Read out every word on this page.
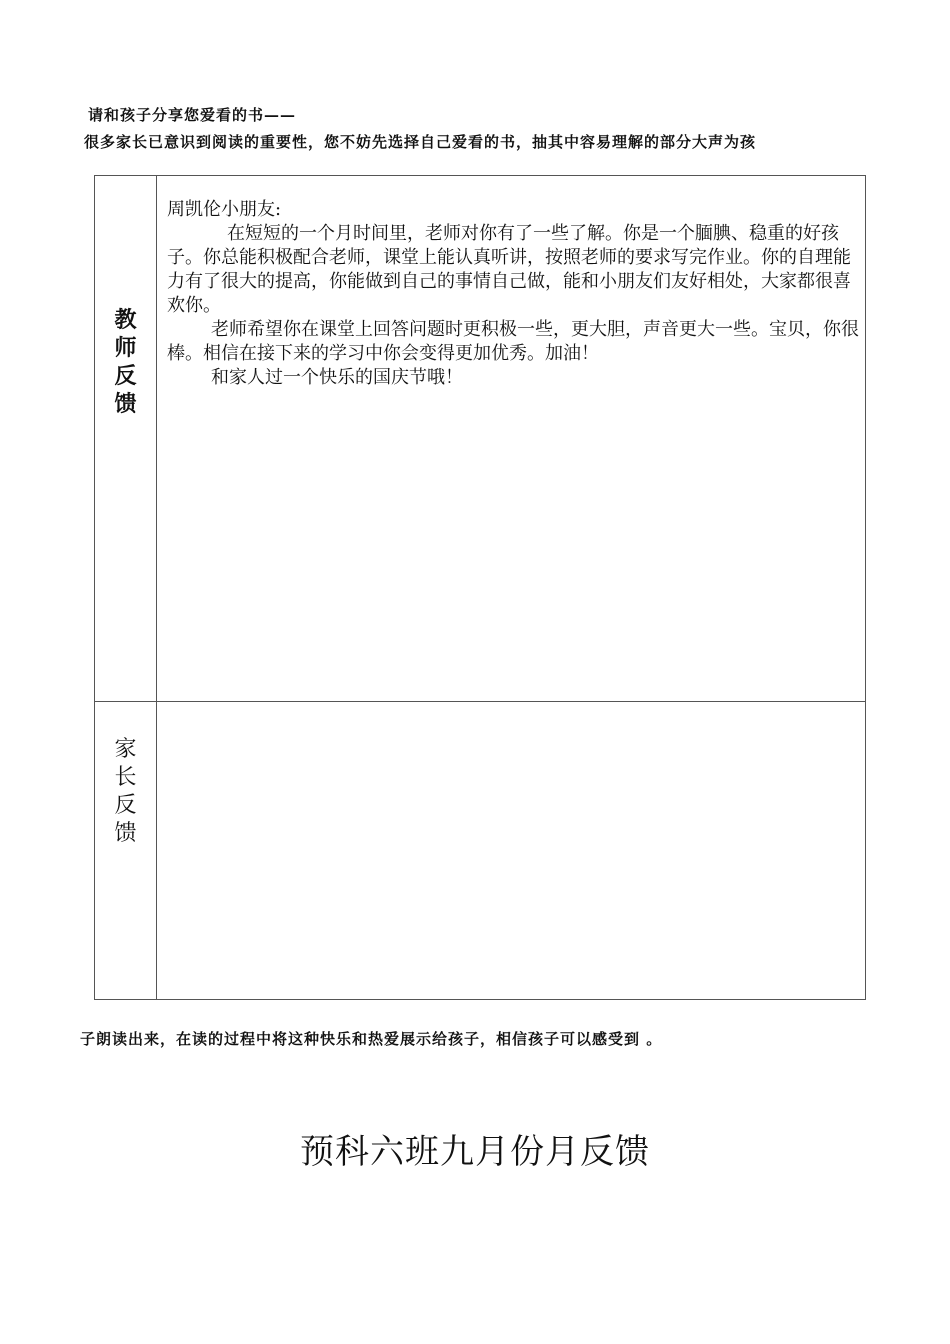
请和孩子分享您爱看的书——
很多家长已意识到阅读的重要性，您不妨先选择自己爱看的书，抽其中容易理解的部分大声为孩
教
师
反
馈

周凯伦小朋友:

在短短的一个月时间里，老师对你有了一些了解。你是一个腼腆、稳重的好孩子。你总能积极配合老师，课堂上能认真听讲，按照老师的要求写完作业。你的自理能力有了很大的提高，你能做到自己的事情自己做，能和小朋友们友好相处，大家都很喜欢你。

老师希望你在课堂上回答问题时更积极一些，更大胆，声音更大一些。宝贝，你很棒。相信在接下来的学习中你会变得更加优秀。加油！

和家人过一个快乐的国庆节哦！

家
长
反
馈
子朗读出来，在读的过程中将这种快乐和热爱展示给孩子，相信孩子可以感受到 。
预科六班九月份月反馈
